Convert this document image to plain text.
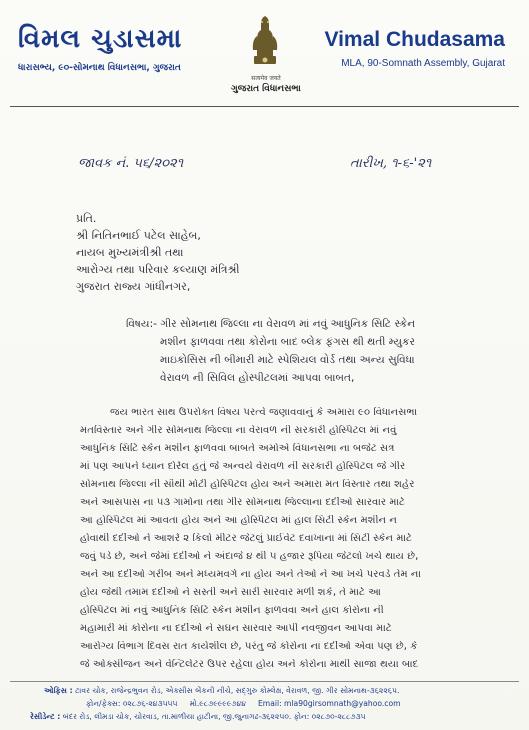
વિમલ ચુડાસમા
ધારાસભ્ય, ૯૦-સોમનાથ વિધાનસભા, ગુજરાત
सत्यमेव जयते
ગુજરાત વિધાનસભા
Vimal Chudasama
MLA, 90-Somnath Assembly, Gujarat
જાવક નં. ૫૬/૨૦૨૧	તારીખ, ૧-૬-'૨૧
પ્રતિ.
શ્રી નિતિનભાઈ પટેલ સાહેબ,
નાયબ મુખ્યમંત્રીશ્રી તથા
આરોગ્ય તથા પરિવાર કલ્યાણ મંત્રિશ્રી
ગુજરાત રાજ્ય ગાંધીનગર,
વિષય:- ગીર સોમનાથ જિલ્લા ના વેરાવળ માં નવું આધુનિક સિટિ સ્કેન
મશીન ફાળવવા તથા કોરોના બાદ બ્લેક ફંગસ થી થતી મ્યુકર
માઇકોસિસ ની બીમારી માટે સ્પેશિયલ વોર્ડ તથા અન્ય સુવિધા
વેરાવળ ની સિવિલ હોસ્પીટલમાં આપવા બાબત,
જય ભારત સાથ ઉપરોક્ત વિષય પરત્વે જણાવવાનું કે અમારા ૯૦ વિધાનસભા
મતવિસ્તાર અને ગીર સોમનાથ જિલ્લા ના વેરાવળ ની સરકારી હોસ્પિટલ માં નવું
આધુનિક સિટિ સ્કેન મશીન ફાળવવા બાબતે અમોએ વિધાનસભા ના બજેટ સત્ર
માં પણ આપને ધ્યાન દોરેલ હતું જે અન્વયે વેરાવળ ની સરકારી હોસ્પિટલ જે ગીર
સોમનાથ જિલ્લા ની સૌથી મોટી હોસ્પિટલ હોય અને અમારા મત વિસ્તાર તથા શહેર
અને આસપાસ ના ૫૩ ગામોના તથા ગીર સોમનાથ જિલ્લાના દર્દીઓ સારવાર માટે
આ હોસ્પિટલ માં આવતા હોય અને આ હોસ્પિટલ માં હાલ સિટી સ્કેન મશીન ન
હોવાથી દર્દીઓ ને આશરે ૨ કિલો મીટર જેટલું પ્રાઈવેટ દવાખાના માં સિટી સ્કેન માટે
જવું પડે છે, અને જેમાં દર્દીઓ ને અંદાજે ૪ થી ૫ હજાર રૂપિયા જેટલો ખર્ચ થાય છે,
અને આ દર્દીઓ ગરીબ અને મધ્યમવર્ગ ના હોય અને તેઓ ને આ ખર્ચ પરવડે તેમ ના
હોય જેથી તમામ દર્દીઓ ને સસ્તી અને સારી સારવાર મળી શકે, તે માટે આ
હોસ્પિટલ માં નવું આધુનિક સિટિ સ્કેન મશીન ફાળવવા અને હાલ કોરોના ની
મહામારી માં કોરોના ના દર્દીઓ ને સઘન સારવાર આપી નવજીવન આપવા માટે
આરોગ્ય વિભાગ દિવસ રાત કાર્યશીલ છે, પરંતુ જે કોરોના ના દર્દીઓ એવા પણ છે, કે
જે ઓક્સીજન અને વેન્ટિલેટર ઉપર રહેલા હોય અને કોરોના માથી સાજા થયા બાદ
ઓફિસ : ટાવર ચોક, રાજેન્દ્રભુવન રોડ, એક્સીસ બેંકની નીચે, સદ્ગુરુ કોમ્લેક્ષ, વેરાવળ, જી. ગીર સોમનાથ-૩૬૨૨૬૫.
ફોન/ફેક્સ: ૦૨૮૭૬-૨૪૩૫૫૫ મો.૯૮૭૯૯૯૯૭૪૪ Email: mla90girsomnath@yahoo.com
રેસીડેન્ટ : બંદર રોડ, લીમડા ચોક, ચોરવાડ, તા.માળીયા હાટીના, જી.જુનાગઢ-૩૬૨૨૫૦. ફોન: ૦૨૮૭૦-૨૮૮૭૩૫
